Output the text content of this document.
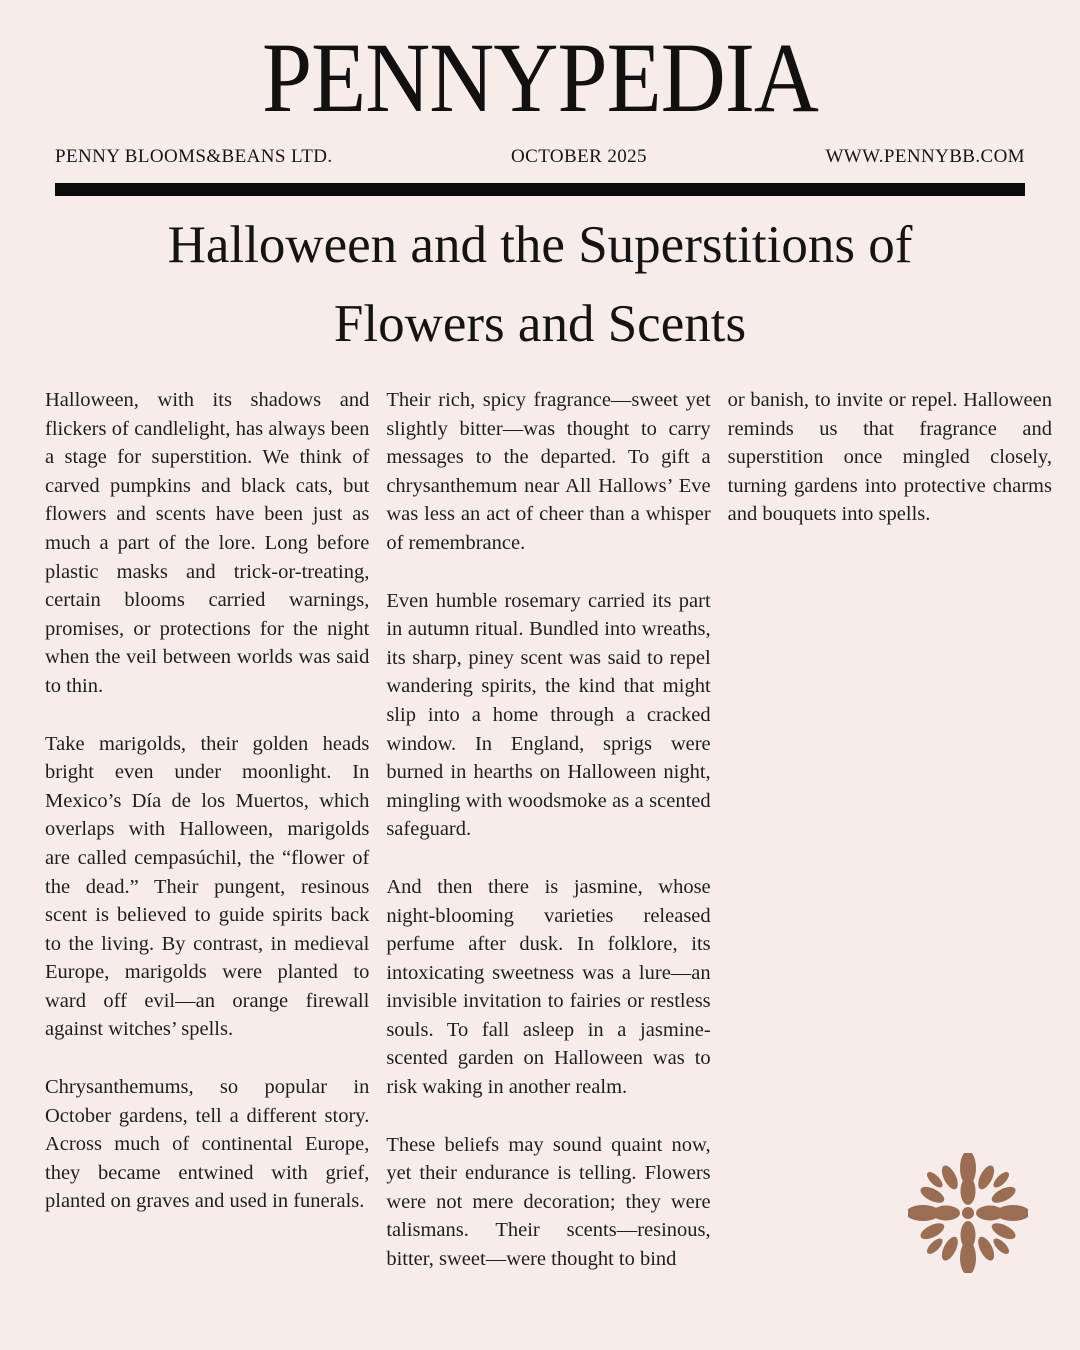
PENNYPEDIA
PENNY BLOOMS&BEANS LTD.	OCTOBER 2025	WWW.PENNYBB.COM
Halloween and the Superstitions of Flowers and Scents

Halloween, with its shadows and flickers of candlelight, has always been a stage for superstition. We think of carved pumpkins and black cats, but flowers and scents have been just as much a part of the lore. Long before plastic masks and trick-or-treating, certain blooms carried warnings, promises, or protections for the night when the veil between worlds was said to thin.

Take marigolds, their golden heads bright even under moonlight. In Mexico’s Día de los Muertos, which overlaps with Halloween, marigolds are called cempasúchil, the “flower of the dead.” Their pungent, resinous scent is believed to guide spirits back to the living. By contrast, in medieval Europe, marigolds were planted to ward off evil—an orange firewall against witches’ spells.

Chrysanthemums, so popular in October gardens, tell a different story. Across much of continental Europe, they became entwined with grief, planted on graves and used in funerals.

Their rich, spicy fragrance—sweet yet slightly bitter—was thought to carry messages to the departed. To gift a chrysanthemum near All Hallows’ Eve was less an act of cheer than a whisper of remembrance.

Even humble rosemary carried its part in autumn ritual. Bundled into wreaths, its sharp, piney scent was said to repel wandering spirits, the kind that might slip into a home through a cracked window. In England, sprigs were burned in hearths on Halloween night, mingling with woodsmoke as a scented safeguard.

And then there is jasmine, whose night-blooming varieties released perfume after dusk. In folklore, its intoxicating sweetness was a lure—an invisible invitation to fairies or restless souls. To fall asleep in a jasmine-scented garden on Halloween was to risk waking in another realm.

These beliefs may sound quaint now, yet their endurance is telling. Flowers were not mere decoration; they were talismans. Their scents—resinous, bitter, sweet—were thought to bind

or banish, to invite or repel. Halloween reminds us that fragrance and superstition once mingled closely, turning gardens into protective charms and bouquets into spells.
